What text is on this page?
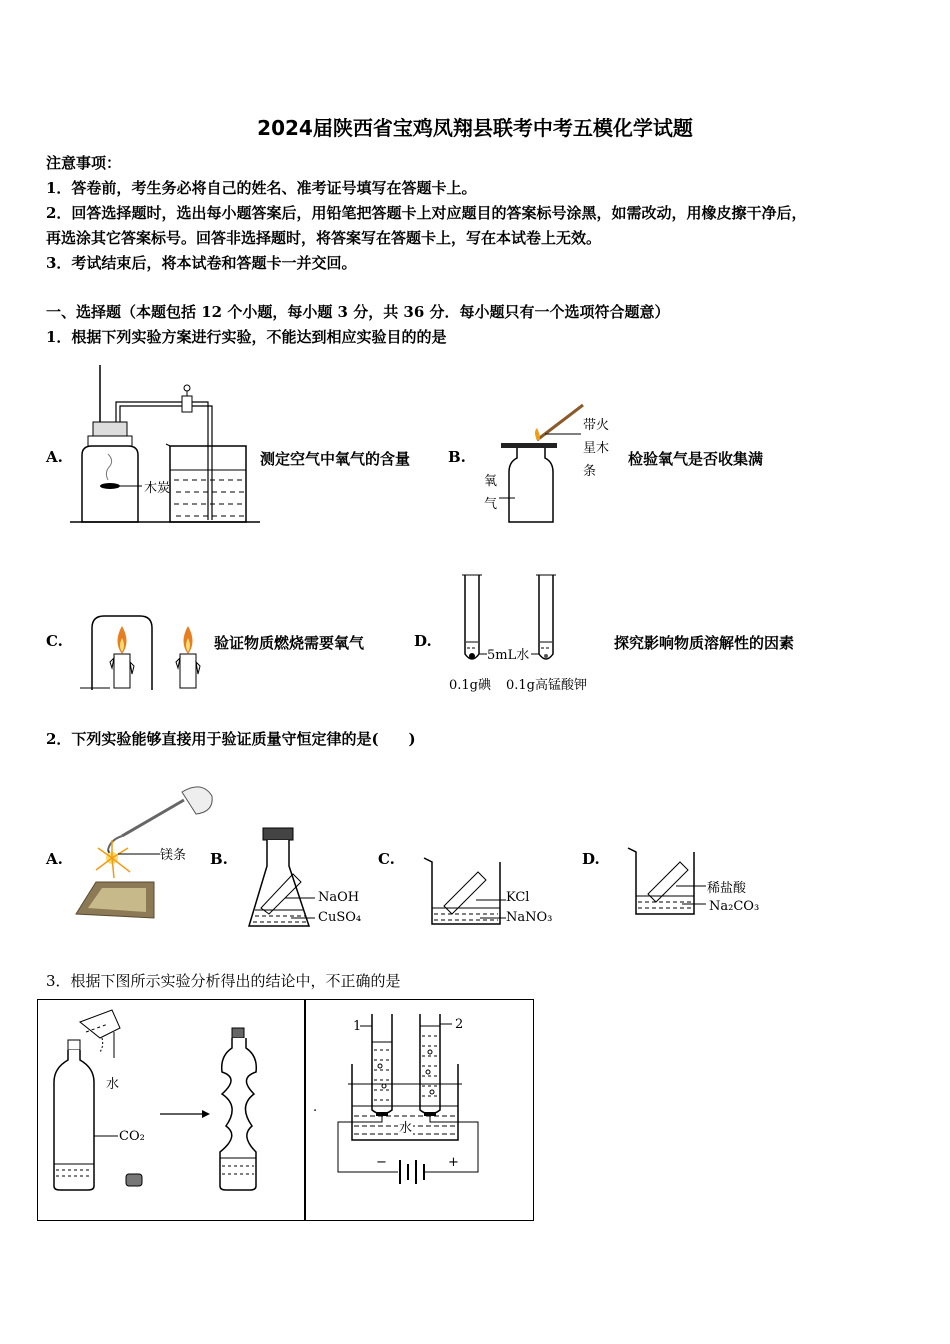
2024届陕西省宝鸡凤翔县联考中考五模化学试题
注意事项：
1．答卷前，考生务必将自己的姓名、准考证号填写在答题卡上。
2．回答选择题时，选出每小题答案后，用铅笔把答题卡上对应题目的答案标号涂黑，如需改动，用橡皮擦干净后，
再选涂其它答案标号。回答非选择题时，将答案写在答题卡上，写在本试卷上无效。
3．考试结束后，将本试卷和答题卡一并交回。
一、选择题（本题包括 12 个小题，每小题 3 分，共 36 分．每小题只有一个选项符合题意）
1．根据下列实验方案进行实验，不能达到相应实验目的的是
A.
木炭
测定空气中氧气的含量	B.
带火
星木
条
氧
气
检验氧气是否收集满
C.	验证物质燃烧需要氧气	D.
5mL水
0.1g碘 0.1g高锰酸钾
探究影响物质溶解性的因素
2．下列实验能够直接用于验证质量守恒定律的是(　　)
A.	镁条 B.
NaOH
CuSO₄
C.
KCl
NaNO₃
D.
稀盐酸
Na₂CO₃
3．根据下图所示实验分析得出的结论中，不正确的是
水
CO₂
1	2
水
−	+
.
